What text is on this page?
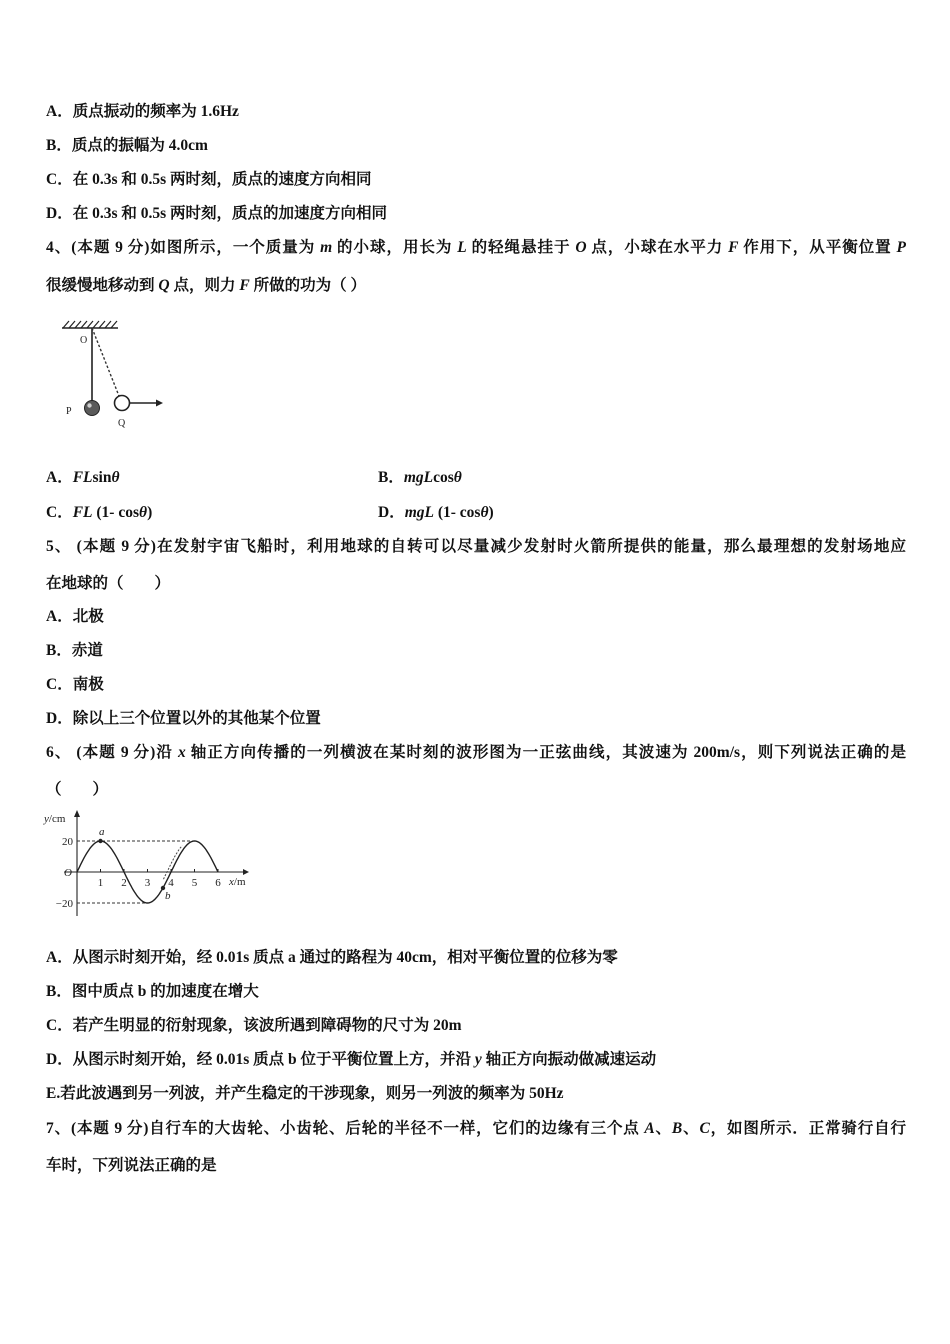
A．质点振动的频率为 1.6Hz
B．质点的振幅为 4.0cm
C．在 0.3s 和 0.5s 两时刻，质点的速度方向相同
D．在 0.3s 和 0.5s 两时刻，质点的加速度方向相同
4、(本题 9 分)如图所示，一个质量为 m 的小球，用长为 L 的轻绳悬挂于 O 点，小球在水平力 F 作用下，从平衡位置 P
很缓慢地移动到 Q 点，则力 F 所做的功为（ ）
O
P
Q
A．FLsinθ	B．mgLcosθ
C．FL (1- cosθ)	D．mgL (1- cosθ)
5、 (本题 9 分)在发射宇宙飞船时，利用地球的自转可以尽量减少发射时火箭所提供的能量，那么最理想的发射场地应
在地球的（　　）
A．北极
B．赤道
C．南极
D．除以上三个位置以外的其他某个位置
6、 (本题 9 分)沿 x 轴正方向传播的一列横波在某时刻的波形图为一正弦曲线，其波速为 200m/s，则下列说法正确的是
（　　）
y/cm
x/m
20
−20
O
1 2 3 4 5 6
a
b
A．从图示时刻开始，经 0.01s 质点 a 通过的路程为 40cm，相对平衡位置的位移为零
B．图中质点 b 的加速度在增大
C．若产生明显的衍射现象，该波所遇到障碍物的尺寸为 20m
D．从图示时刻开始，经 0.01s 质点 b 位于平衡位置上方，并沿 y 轴正方向振动做减速运动
E.若此波遇到另一列波，并产生稳定的干涉现象，则另一列波的频率为 50Hz
7、(本题 9 分)自行车的大齿轮、小齿轮、后轮的半径不一样，它们的边缘有三个点 A、B、C，如图所示．正常骑行自行
车时，下列说法正确的是
